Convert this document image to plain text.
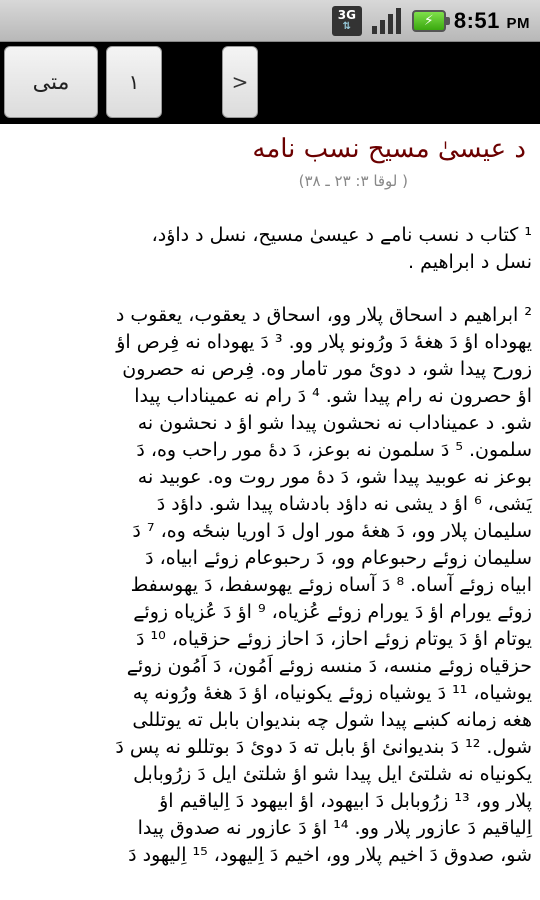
3G
⇅	⚡ 8:51 PM
متی	۱	>
د عیسیٰ مسیح نسب نامه
( لوقا ۳: ۲۳ ـ ۳۸)
¹ کتاب د نسب نامے د عیسیٰ مسیح، نسل د داؤد،
نسل د ابراهیم .
² ابراهیم د اسحاق پلار وو، اسحاق د یعقوب، یعقوب د
یهوداه اؤ دَ هغهٔ دَ ورُونو پلار وو. ³ دَ یهوداه نه فِرص اؤ
زورح پیدا شو، د دوئ مور تامار وه. فِرص نه حصرون
اؤ حصرون نه رام پیدا شو. ⁴ دَ رام نه عمیناداب پیدا
شو. د عمیناداب نه نحشون پیدا شو اؤ د نحشون نه
سلمون. ⁵ دَ سلمون نه بوعز، دَ دهٔ مور راحب وه، دَ
بوعز نه عوبید پیدا شو، دَ دهٔ مور روت وه. عوبید نه
یَشی، ⁶ اؤ د یشی نه داؤد بادشاه پیدا شو. داؤد دَ
سلیمان پلار وو، دَ هغهٔ مور اول دَ اوریا ښځه وه، ⁷ دَ
سلیمان زوئے رحبوعام وو، دَ رحبوعام زوئے ابیاه، دَ
ابیاه زوئے آساه. ⁸ دَ آساه زوئے یهوسفط، دَ یهوسفط
زوئے یورام اؤ دَ یورام زوئے عُزیاه، ⁹ اؤ دَ عُزیاه زوئے
یوتام اؤ دَ یوتام زوئے احاز، دَ احاز زوئے حزقیاه، ¹⁰ دَ
حزقیاه زوئے منسه، دَ منسه زوئے اَمُون، دَ اَمُون زوئے
یوشیاه، ¹¹ دَ یوشیاه زوئے یکونیاه، اؤ دَ هغهٔ ورُونه په
هغه زمانه کښے پیدا شول چه بندیوان بابل ته یوتللی
شول. ¹² دَ بندیوانئ اؤ بابل ته دَ دوئ دَ بوتللو نه پس دَ
یکونیاه نه شلتئ ایل پیدا شو اؤ شلتئ ایل دَ زرُوبابل
پلار وو، ¹³ زرُوبابل دَ ابیهود، اؤ ابیهود دَ اِلیاقیم اؤ
اِلیاقیم دَ عازور پلار وو. ¹⁴ اؤ دَ عازور نه صدوق پیدا
شو، صدوق دَ اخیم پلار وو، اخیم دَ اِلیهود، ¹⁵ اِلیهود دَ
